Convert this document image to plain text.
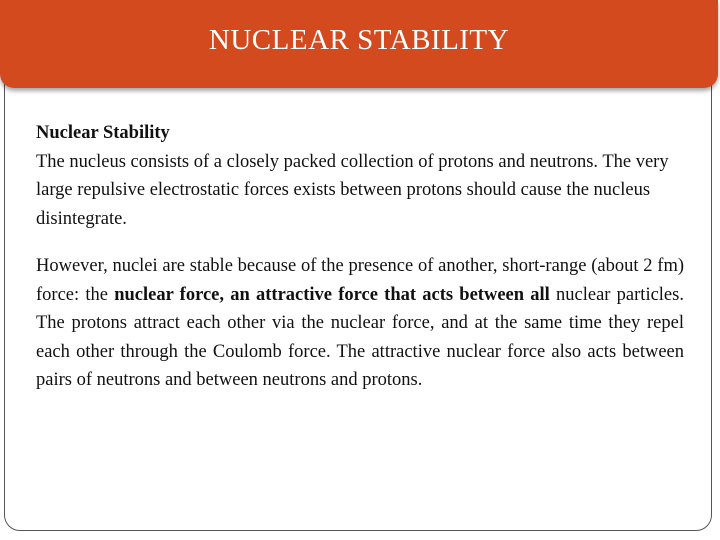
NUCLEAR STABILITY
Nuclear Stability

The nucleus consists of a closely packed collection of protons and neutrons. The very large repulsive electrostatic forces exists between protons should cause the nucleus disintegrate.

However, nuclei are stable because of the presence of another, short-range (about 2 fm) force: the nuclear force, an attractive force that acts between all nuclear particles. The protons attract each other via the nuclear force, and at the same time they repel each other through the Coulomb force. The attractive nuclear force also acts between pairs of neutrons and between neutrons and protons.
